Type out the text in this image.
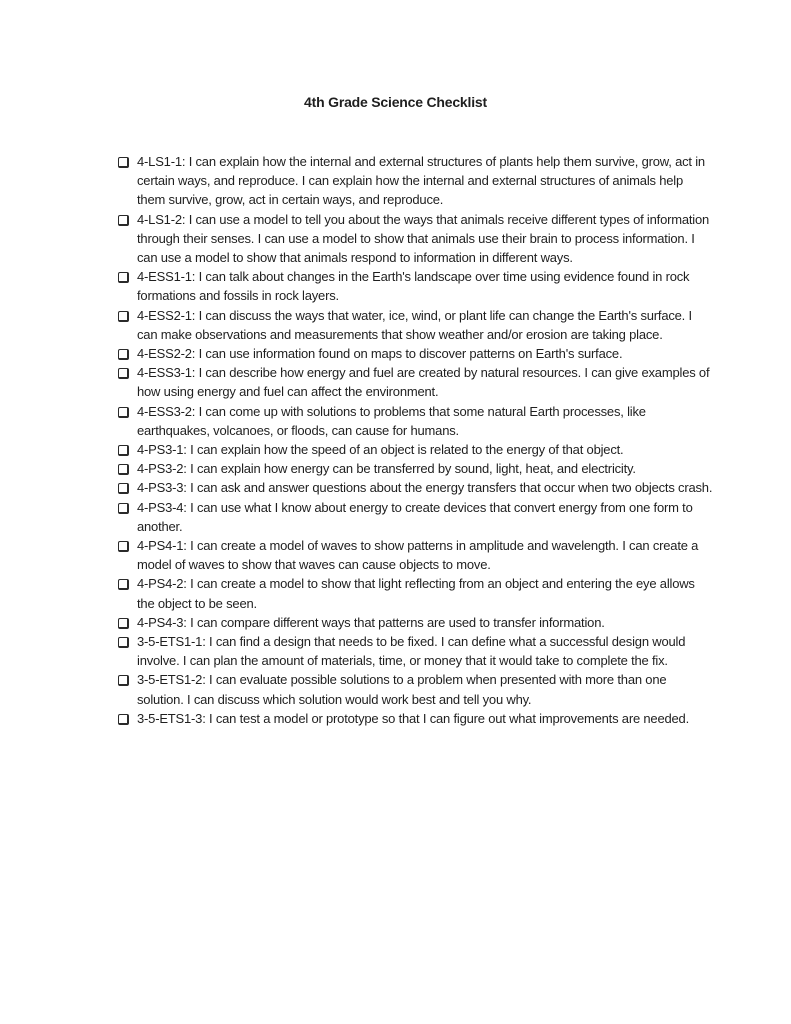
4th Grade Science Checklist
4-LS1-1: I can explain how the internal and external structures of plants help them survive, grow, act in certain ways, and reproduce. I can explain how the internal and external structures of animals help them survive, grow, act in certain ways, and reproduce.
4-LS1-2: I can use a model to tell you about the ways that animals receive different types of information through their senses. I can use a model to show that animals use their brain to process information. I can use a model to show that animals respond to information in different ways.
4-ESS1-1: I can talk about changes in the Earth's landscape over time using evidence found in rock formations and fossils in rock layers.
4-ESS2-1: I can discuss the ways that water, ice, wind, or plant life can change the Earth's surface. I can make observations and measurements that show weather and/or erosion are taking place.
4-ESS2-2: I can use information found on maps to discover patterns on Earth's surface.
4-ESS3-1: I can describe how energy and fuel are created by natural resources. I can give examples of how using energy and fuel can affect the environment.
4-ESS3-2: I can come up with solutions to problems that some natural Earth processes, like earthquakes, volcanoes, or floods, can cause for humans.
4-PS3-1: I can explain how the speed of an object is related to the energy of that object.
4-PS3-2: I can explain how energy can be transferred by sound, light, heat, and electricity.
4-PS3-3: I can ask and answer questions about the energy transfers that occur when two objects crash.
4-PS3-4: I can use what I know about energy to create devices that convert energy from one form to another.
4-PS4-1: I can create a model of waves to show patterns in amplitude and wavelength. I can create a model of waves to show that waves can cause objects to move.
4-PS4-2: I can create a model to show that light reflecting from an object and entering the eye allows the object to be seen.
4-PS4-3: I can compare different ways that patterns are used to transfer information.
3-5-ETS1-1: I can find a design that needs to be fixed. I can define what a successful design would involve. I can plan the amount of materials, time, or money that it would take to complete the fix.
3-5-ETS1-2: I can evaluate possible solutions to a problem when presented with more than one solution. I can discuss which solution would work best and tell you why.
3-5-ETS1-3: I can test a model or prototype so that I can figure out what improvements are needed.
